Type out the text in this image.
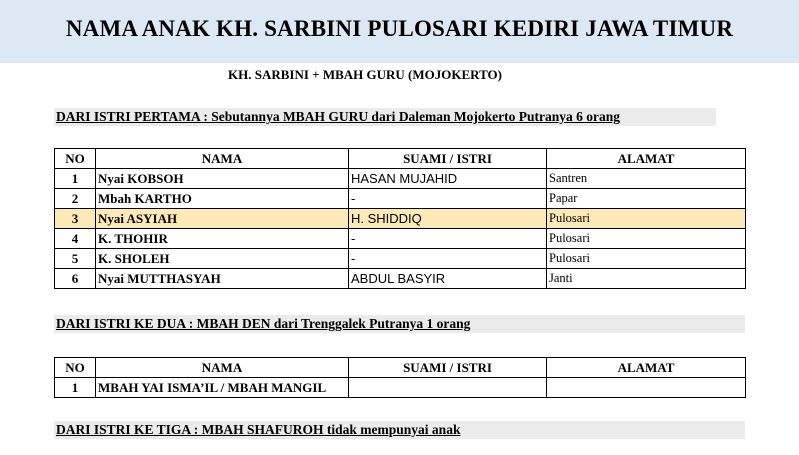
NAMA ANAK KH. SARBINI PULOSARI KEDIRI JAWA TIMUR
KH. SARBINI + MBAH GURU (MOJOKERTO)
DARI ISTRI PERTAMA : Sebutannya MBAH GURU dari Daleman Mojokerto Putranya 6 orang
NO	NAMA	SUAMI / ISTRI	ALAMAT
1	Nyai KOBSOH	HASAN MUJAHID	Santren
2	Mbah KARTHO	-	Papar
3	Nyai ASYIAH	H. SHIDDIQ	Pulosari
4	K. THOHIR	-	Pulosari
5	K. SHOLEH	-	Pulosari
6	Nyai MUTTHASYAH	ABDUL BASYIR	Janti
DARI ISTRI KE DUA : MBAH DEN dari Trenggalek Putranya 1 orang
NO	NAMA	SUAMI / ISTRI	ALAMAT
1	MBAH YAI ISMA’IL / MBAH MANGIL		
DARI ISTRI KE TIGA : MBAH SHAFUROH tidak mempunyai anak
